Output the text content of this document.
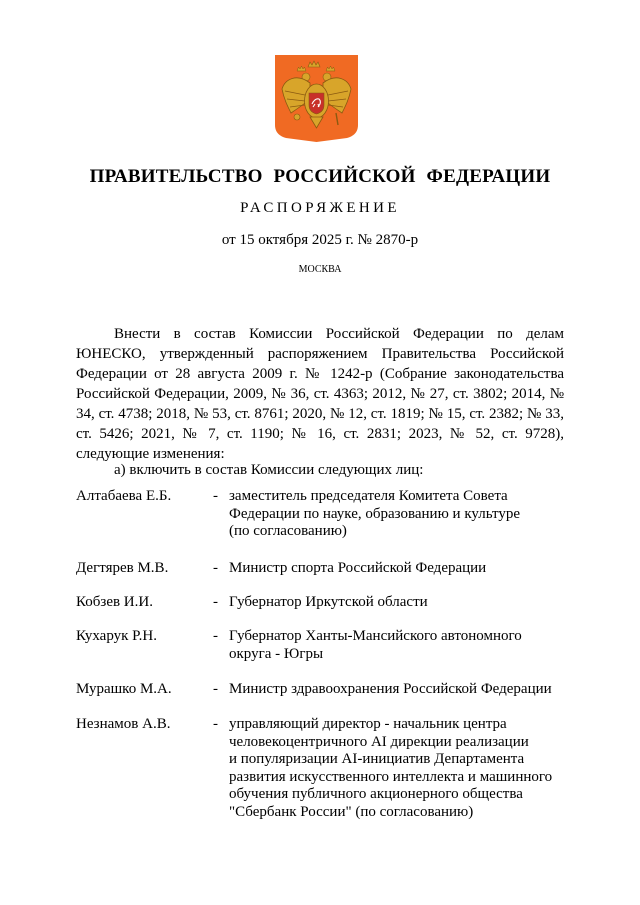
ПРАВИТЕЛЬСТВО РОССИЙСКОЙ ФЕДЕРАЦИИ
РАСПОРЯЖЕНИЕ
от 15 октября 2025 г. № 2870-р
МОСКВА

Внести в состав Комиссии Российской Федерации по делам ЮНЕСКО, утвержденный распоряжением Правительства Российской Федерации от 28 августа 2009 г. № 1242-р (Собрание законодательства Российской Федерации, 2009, № 36, ст. 4363; 2012, № 27, ст. 3802; 2014, № 34, ст. 4738; 2018, № 53, ст. 8761; 2020, № 12, ст. 1819; № 15, ст. 2382; № 33, ст. 5426; 2021, № 7, ст. 1190; № 16, ст. 2831; 2023, № 52, ст. 9728), следующие изменения:

а) включить в состав Комиссии следующих лиц:
Алтабаева Е.Б.	- заместитель председателя Комитета Совета
Федерации по науке, образованию и культуре
(по согласованию)
Дегтярев М.В.	- Министр спорта Российской Федерации
Кобзев И.И.	- Губернатор Иркутской области
Кухарук Р.Н.	- Губернатор Ханты-Мансийского автономного
округа - Югры
Мурашко М.А.	- Министр здравоохранения Российской Федерации
Незнамов А.В.	- управляющий директор - начальник центра
человекоцентричного AI дирекции реализации
и популяризации AI-инициатив Департамента
развития искусственного интеллекта и машинного
обучения публичного акционерного общества
"Сбербанк России" (по согласованию)
